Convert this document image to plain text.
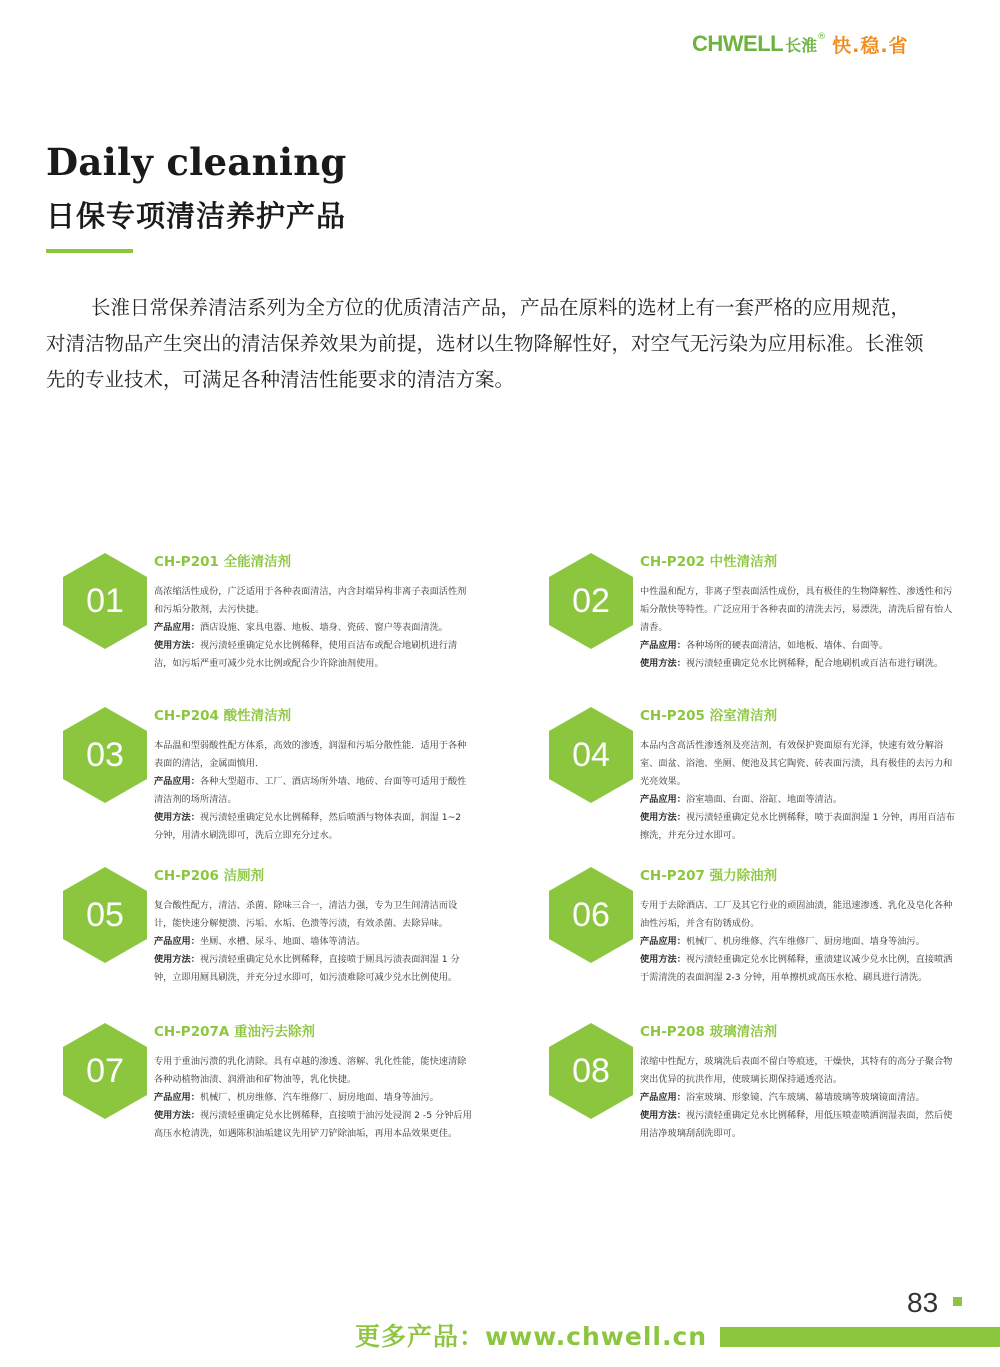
CHWELL 长淮 ® 快.稳.省
Daily cleaning
日保专项清洁养护产品

长淮日常保养清洁系列为全方位的优质清洁产品，产品在原料的选材上有一套严格的应用规范，对清洁物品产生突出的清洁保养效果为前提，选材以生物降解性好，对空气无污染为应用标准。长淮领先的专业技术，可满足各种清洁性能要求的清洁方案。

01
CH-P201 全能清洁剂

高浓缩活性成份，广泛适用于各种表面清洁，内含封端异构非离子表面活性剂和污垢分散剂，去污快捷。

产品应用：酒店设施、家具电器、地板、墙身、瓷砖、窗户等表面清洗。

使用方法：视污渍轻重确定兑水比例稀释，使用百洁布或配合地刷机进行清洁，如污垢严重可减少兑水比例或配合少许除油剂使用。

02
CH-P202 中性清洁剂

中性温和配方，非离子型表面活性成份，具有极佳的生物降解性、渗透性和污垢分散快等特性。广泛应用于各种表面的清洗去污，易漂洗，清洗后留有怡人清香。

产品应用：各种场所的硬表面清洁，如地板、墙体、台面等。

使用方法：视污渍轻重确定兑水比例稀释，配合地刷机或百洁布进行刷洗。

03
CH-P204 酸性清洁剂

本品温和型弱酸性配方体系，高效的渗透，润湿和污垢分散性能．适用于各种表面的清洁，金属面慎用．

产品应用：各种大型超市、工厂、酒店场所外墙、地砖、台面等可适用于酸性清洁剂的场所清洁。

使用方法：视污渍轻重确定兑水比例稀释，然后喷洒与物体表面，润湿 1~2 分钟，用清水刷洗即可，洗后立即充分过水。

04
CH-P205 浴室清洁剂

本品内含高活性渗透剂及亮洁剂，有效保护瓷面原有光泽，快速有效分解浴室、面盆、浴池、坐厕、便池及其它陶瓷、砖表面污渍，具有极佳的去污力和光亮效果。

产品应用：浴室墙面、台面、浴缸、地面等清洁。

使用方法：视污渍轻重确定兑水比例稀释，喷于表面润湿 1 分钟，再用百洁布擦洗，并充分过水即可。

05
CH-P206 洁厕剂

复合酸性配方，清洁、杀菌、除味三合一，清洁力强，专为卫生间清洁而设计，能快速分解便溃、污垢、水垢、色溃等污渍，有效杀菌、去除异味。

产品应用：坐厕、水槽、尿斗、地面、墙体等清洁。

使用方法：视污渍轻重确定兑水比例稀释，直接喷于厕具污渍表面润湿 1 分钟，立即用厕具刷洗，并充分过水即可，如污渍难除可减少兑水比例使用。

06
CH-P207 强力除油剂

专用于去除酒店、工厂及其它行业的顽固油渍，能迅速渗透、乳化及皂化各种油性污垢，并含有防锈成份。

产品应用：机械厂、机房维修、汽车维修厂、厨房地面、墙身等油污。

使用方法：视污渍轻重确定兑水比例稀释，重渍建议减少兑水比例，直接喷洒于需清洗的表面润湿 2-3 分钟，用单擦机或高压水枪、刷具进行清洗。

07
CH-P207A 重油污去除剂

专用于重油污溃的乳化清除。具有卓越的渗透、溶解、乳化性能，能快速清除各种动植物油渍、润滑油和矿物油等，乳化快捷。

产品应用：机械厂、机房维修、汽车维修厂、厨房地面、墙身等油污。

使用方法：视污渍轻重确定兑水比例稀释，直接喷于油污处浸润 2 -5 分钟后用高压水枪清洗，如遇陈积油垢建议先用铲刀铲除油垢，再用本品效果更佳。

08
CH-P208 玻璃清洁剂

浓缩中性配方，玻璃洗后表面不留白等痕迹，干燥快，其特有的高分子聚合物突出优异的抗洪作用，使玻璃长期保持通透亮洁。

产品应用：浴室玻璃、形象镜、汽车玻璃、幕墙玻璃等玻璃镜面清洁。

使用方法：视污渍轻重确定兑水比例稀释，用低压喷壶喷洒润湿表面，然后使用洁净玻璃刮刮洗即可。

83
更多产品：www.chwell.cn
